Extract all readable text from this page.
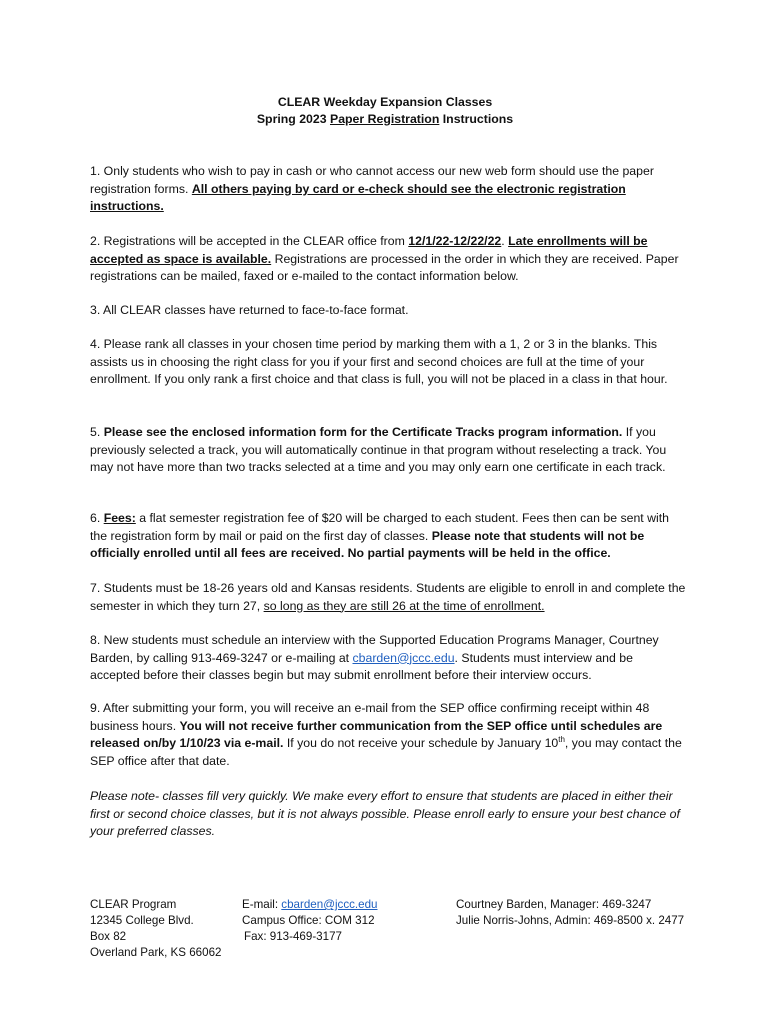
CLEAR Weekday Expansion Classes
Spring 2023 Paper Registration Instructions
1. Only students who wish to pay in cash or who cannot access our new web form should use the paper registration forms. All others paying by card or e-check should see the electronic registration instructions.
2. Registrations will be accepted in the CLEAR office from 12/1/22-12/22/22. Late enrollments will be accepted as space is available. Registrations are processed in the order in which they are received. Paper registrations can be mailed, faxed or e-mailed to the contact information below.
3. All CLEAR classes have returned to face-to-face format.
4. Please rank all classes in your chosen time period by marking them with a 1, 2 or 3 in the blanks. This assists us in choosing the right class for you if your first and second choices are full at the time of your enrollment. If you only rank a first choice and that class is full, you will not be placed in a class in that hour.
5. Please see the enclosed information form for the Certificate Tracks program information. If you previously selected a track, you will automatically continue in that program without reselecting a track. You may not have more than two tracks selected at a time and you may only earn one certificate in each track.
6. Fees: a flat semester registration fee of $20 will be charged to each student. Fees then can be sent with the registration form by mail or paid on the first day of classes. Please note that students will not be officially enrolled until all fees are received. No partial payments will be held in the office.
7. Students must be 18-26 years old and Kansas residents. Students are eligible to enroll in and complete the semester in which they turn 27, so long as they are still 26 at the time of enrollment.
8. New students must schedule an interview with the Supported Education Programs Manager, Courtney Barden, by calling 913-469-3247 or e-mailing at cbarden@jccc.edu. Students must interview and be accepted before their classes begin but may submit enrollment before their interview occurs.
9. After submitting your form, you will receive an e-mail from the SEP office confirming receipt within 48 business hours. You will not receive further communication from the SEP office until schedules are released on/by 1/10/23 via e-mail. If you do not receive your schedule by January 10th, you may contact the SEP office after that date.
Please note- classes fill very quickly. We make every effort to ensure that students are placed in either their first or second choice classes, but it is not always possible. Please enroll early to ensure your best chance of your preferred classes.
CLEAR Program
12345 College Blvd.
Box 82
Overland Park, KS 66062
E-mail: cbarden@jccc.edu
Campus Office: COM 312
Fax: 913-469-3177
Courtney Barden, Manager: 469-3247
Julie Norris-Johns, Admin: 469-8500 x. 2477
